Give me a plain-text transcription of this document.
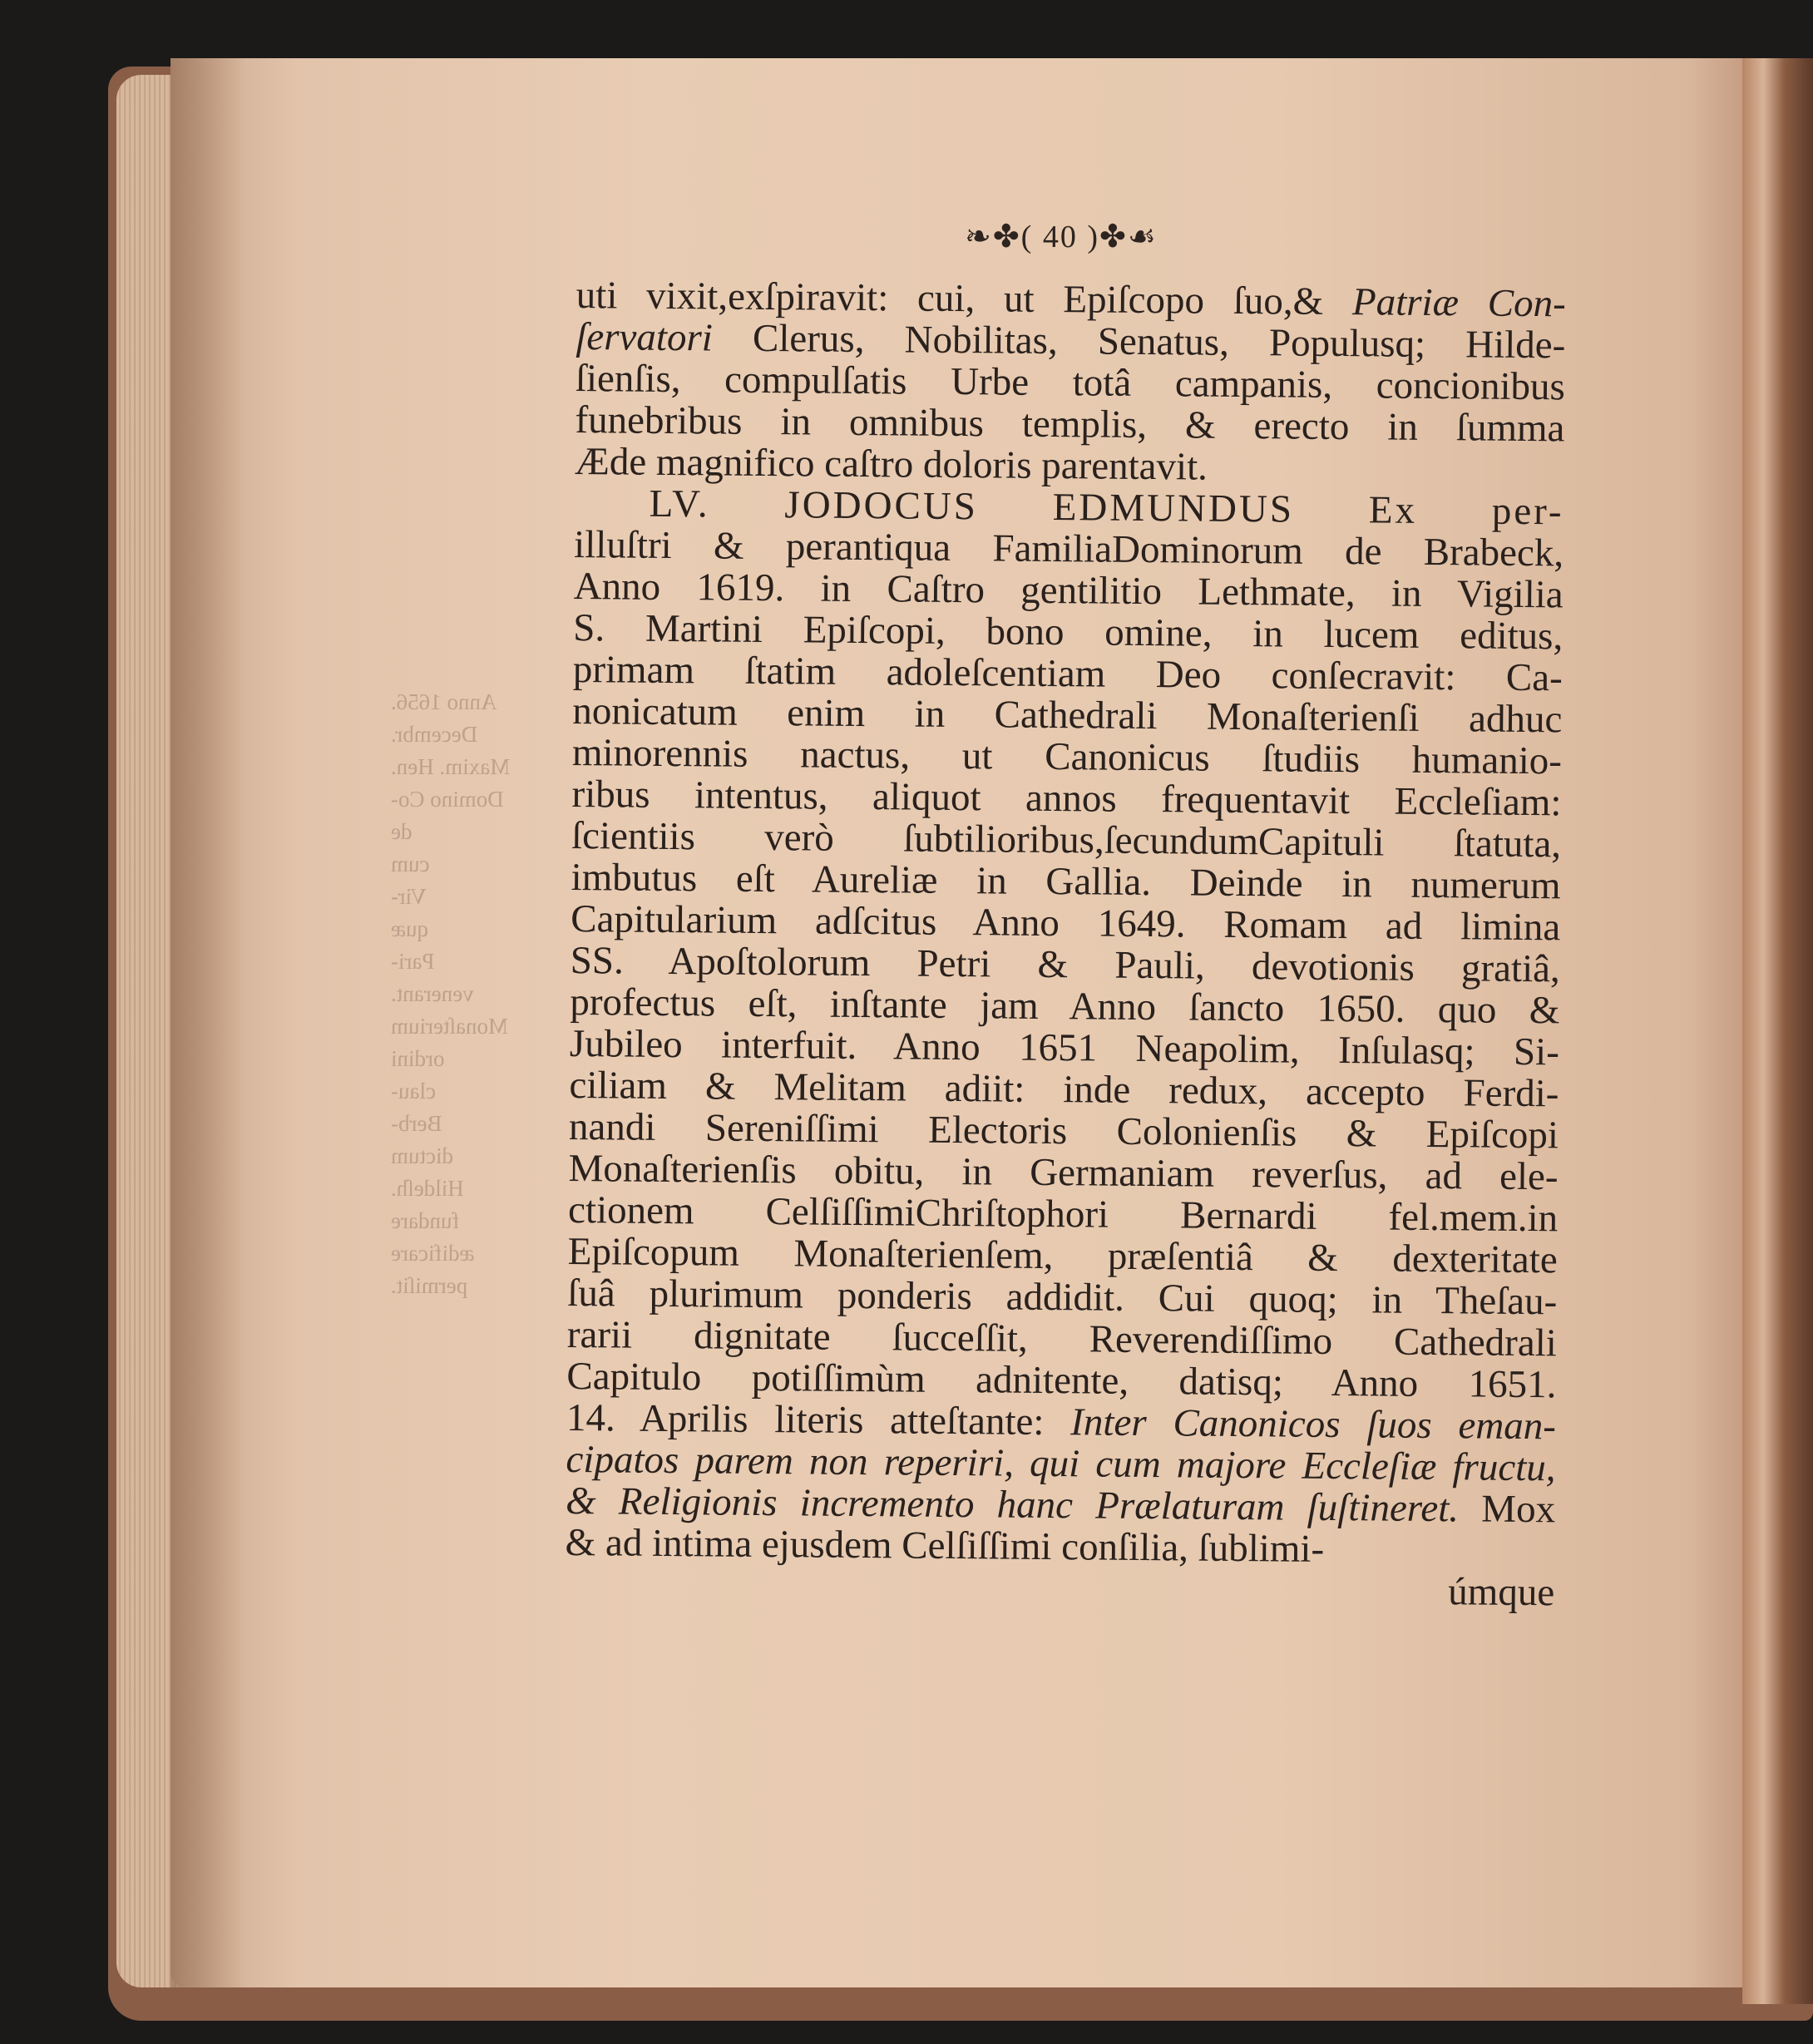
Anno 1656.
Decembr.
Maxim. Hen.
Domino Co-
de
cum
Vir-
quæ
Pari-
venerant.
Monaſterium
ordini
clau-
Berb-
dictum
Hildeſh.
fundare
ædificare
permiſit.
❧✤( 40 )✤☙
uti vixit,exſpiravit: cui, ut Epiſcopo ſuo,& Patriæ Con-
ſervatori Clerus, Nobilitas, Senatus, Populusq; Hilde-
ſienſis, compulſatis Urbe totâ campanis, concionibus
funebribus in omnibus templis, & erecto in ſumma
Æde magnifico caſtro doloris parentavit.
LV. JODOCUS EDMUNDUS Ex per-
illuſtri & perantiqua FamiliaDominorum de Brabeck,
Anno 1619. in Caſtro gentilitio Lethmate, in Vigilia
S. Martini Epiſcopi, bono omine, in lucem editus,
primam ſtatim adoleſcentiam Deo conſecravit: Ca-
nonicatum enim in Cathedrali Monaſterienſi adhuc
minorennis nactus, ut Canonicus ſtudiis humanio-
ribus intentus, aliquot annos frequentavit Eccleſiam:
ſcientiis verò ſubtilioribus,ſecundumCapituli ſtatuta,
imbutus eſt Aureliæ in Gallia. Deinde in numerum
Capitularium adſcitus Anno 1649. Romam ad limina
SS. Apoſtolorum Petri & Pauli, devotionis gratiâ,
profectus eſt, inſtante jam Anno ſancto 1650. quo &
Jubileo interfuit. Anno 1651 Neapolim, Inſulasq; Si-
ciliam & Melitam adiit: inde redux, accepto Ferdi-
nandi Sereniſſimi Electoris Colonienſis & Epiſcopi
Monaſterienſis obitu, in Germaniam reverſus, ad ele-
ctionem CelſiſſimiChriſtophori Bernardi fel.mem.in
Epiſcopum Monaſterienſem, præſentiâ & dexteritate
ſuâ plurimum ponderis addidit. Cui quoq; in Theſau-
rarii dignitate ſucceſſit, Reverendiſſimo Cathedrali
Capitulo potiſſimùm adnitente, datisq; Anno 1651.
14. Aprilis literis atteſtante: Inter Canonicos ſuos eman-
cipatos parem non reperiri, qui cum majore Eccleſiæ fructu,
& Religionis incremento hanc Prælaturam ſuſtineret. Mox
& ad intima ejusdem Celſiſſimi conſilia, ſublimi-
úmque
